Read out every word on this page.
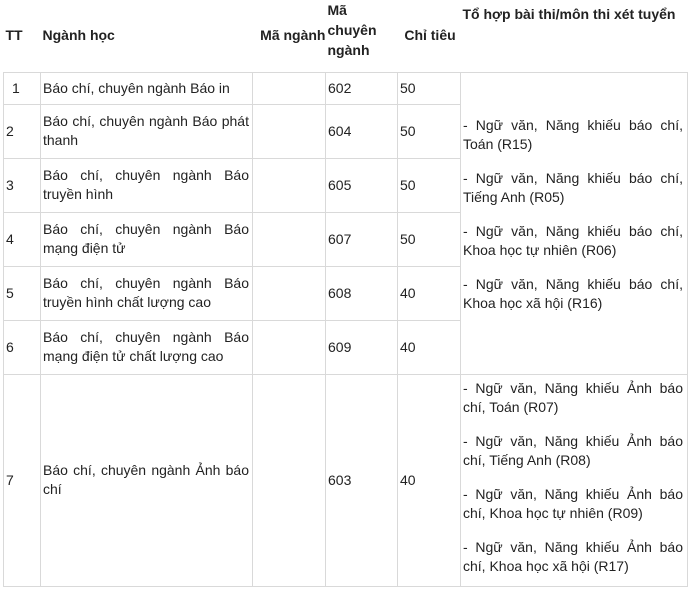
TT	Ngành học	Mã ngành	Mã chuyên ngành	Chỉ tiêu	Tổ hợp bài thi/môn thi xét tuyển
1	Báo chí, chuyên ngành Báo in		602	50	- Ngữ văn, Năng khiếu báo chí, Toán (R15)

- Ngữ văn, Năng khiếu báo chí, Tiếng Anh (R05)

- Ngữ văn, Năng khiếu báo chí, Khoa học tự nhiên (R06)

- Ngữ văn, Năng khiếu báo chí, Khoa học xã hội (R16)

2	Báo chí, chuyên ngành Báo phát thanh		604	50	
3	Báo chí, chuyên ngành Báo truyền hình		605	50	
4	Báo chí, chuyên ngành Báo mạng điện tử		607	50	
5	Báo chí, chuyên ngành Báo truyền hình chất lượng cao		608	40	
6	Báo chí, chuyên ngành Báo mạng điện tử chất lượng cao		609	40	
7	Báo chí, chuyên ngành Ảnh báo chí		603	40	- Ngữ văn, Năng khiếu Ảnh báo chí, Toán (R07)

- Ngữ văn, Năng khiếu Ảnh báo chí, Tiếng Anh (R08)

- Ngữ văn, Năng khiếu Ảnh báo chí, Khoa học tự nhiên (R09)

- Ngữ văn, Năng khiếu Ảnh báo chí, Khoa học xã hội (R17)
